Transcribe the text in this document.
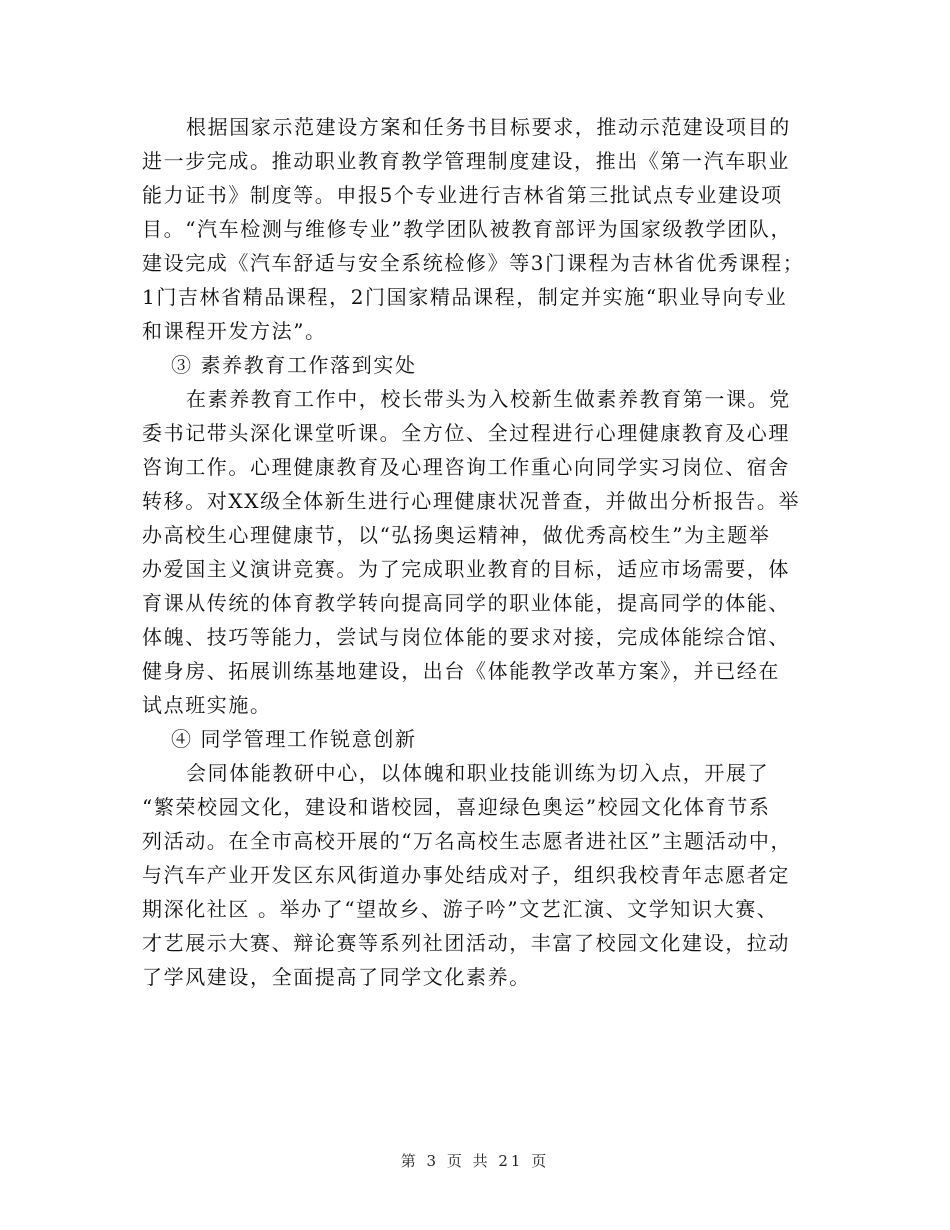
根据国家示范建设方案和任务书目标要求，推动示范建设项目的
进一步完成。推动职业教育教学管理制度建设，推出《第一汽车职业
能力证书》制度等。申报5个专业进行吉林省第三批试点专业建设项
目。“汽车检测与维修专业”教学团队被教育部评为国家级教学团队，
建设完成《汽车舒适与安全系统检修》等3门课程为吉林省优秀课程；
1门吉林省精品课程，2门国家精品课程，制定并实施“职业导向专业
和课程开发方法”。
③ 素养教育工作落到实处
在素养教育工作中，校长带头为入校新生做素养教育第一课。党
委书记带头深化课堂听课。全方位、全过程进行心理健康教育及心理
咨询工作。心理健康教育及心理咨询工作重心向同学实习岗位、宿舍
转移。对XX级全体新生进行心理健康状况普查，并做出分析报告。举
办高校生心理健康节，以“弘扬奥运精神，做优秀高校生”为主题举
办爱国主义演讲竞赛。为了完成职业教育的目标，适应市场需要，体
育课从传统的体育教学转向提高同学的职业体能，提高同学的体能、
体魄、技巧等能力，尝试与岗位体能的要求对接，完成体能综合馆、
健身房、拓展训练基地建设，出台《体能教学改革方案》，并已经在
试点班实施。
④ 同学管理工作锐意创新
会同体能教研中心，以体魄和职业技能训练为切入点，开展了
“繁荣校园文化，建设和谐校园，喜迎绿色奥运”校园文化体育节系
列活动。在全市高校开展的“万名高校生志愿者进社区”主题活动中，
与汽车产业开发区东风街道办事处结成对子，组织我校青年志愿者定
期深化社区 。举办了“望故乡、游子吟”文艺汇演、文学知识大赛、
才艺展示大赛、辩论赛等系列社团活动，丰富了校园文化建设，拉动
了学风建设，全面提高了同学文化素养。
第 3 页 共 21 页
